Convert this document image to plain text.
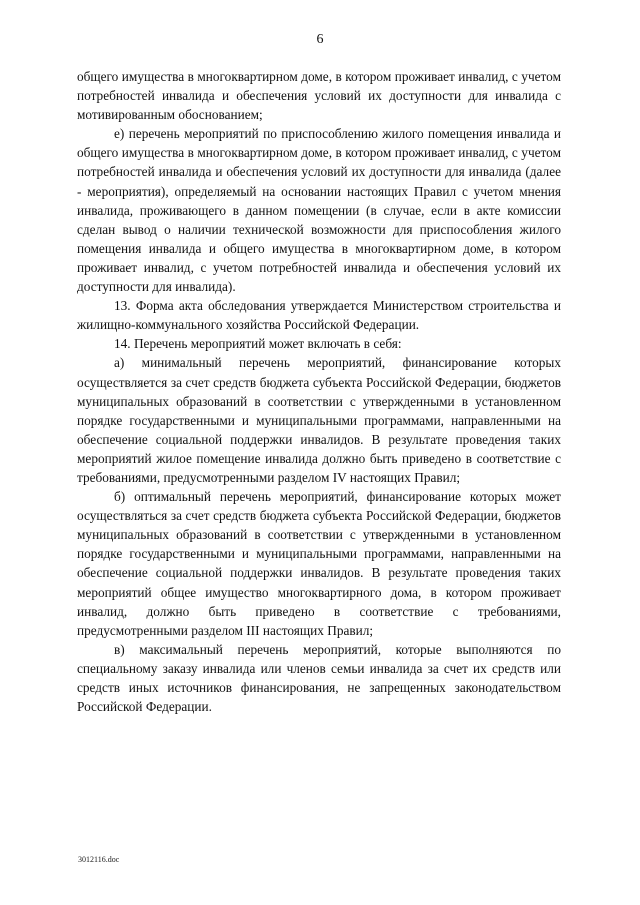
6

общего имущества в многоквартирном доме, в котором проживает инвалид, с учетом потребностей инвалида и обеспечения условий их доступности для инвалида с мотивированным обоснованием;

е) перечень мероприятий по приспособлению жилого помещения инвалида и общего имущества в многоквартирном доме, в котором проживает инвалид, с учетом потребностей инвалида и обеспечения условий их доступности для инвалида (далее - мероприятия), определяемый на основании настоящих Правил с учетом мнения инвалида, проживающего в данном помещении (в случае, если в акте комиссии сделан вывод о наличии технической возможности для приспособления жилого помещения инвалида и общего имущества в многоквартирном доме, в котором проживает инвалид, с учетом потребностей инвалида и обеспечения условий их доступности для инвалида).

13. Форма акта обследования утверждается Министерством строительства и жилищно-коммунального хозяйства Российской Федерации.

14. Перечень мероприятий может включать в себя:

а) минимальный перечень мероприятий, финансирование которых осуществляется за счет средств бюджета субъекта Российской Федерации, бюджетов муниципальных образований в соответствии с утвержденными в установленном порядке государственными и муниципальными программами, направленными на обеспечение социальной поддержки инвалидов. В результате проведения таких мероприятий жилое помещение инвалида должно быть приведено в соответствие с требованиями, предусмотренными разделом IV настоящих Правил;

б) оптимальный перечень мероприятий, финансирование которых может осуществляться за счет средств бюджета субъекта Российской Федерации, бюджетов муниципальных образований в соответствии с утвержденными в установленном порядке государственными и муниципальными программами, направленными на обеспечение социальной поддержки инвалидов. В результате проведения таких мероприятий общее имущество многоквартирного дома, в котором проживает инвалид, должно быть приведено в соответствие с требованиями, предусмотренными разделом III настоящих Правил;

в) максимальный перечень мероприятий, которые выполняются по специальному заказу инвалида или членов семьи инвалида за счет их средств или средств иных источников финансирования, не запрещенных законодательством Российской Федерации.

3012116.doc
